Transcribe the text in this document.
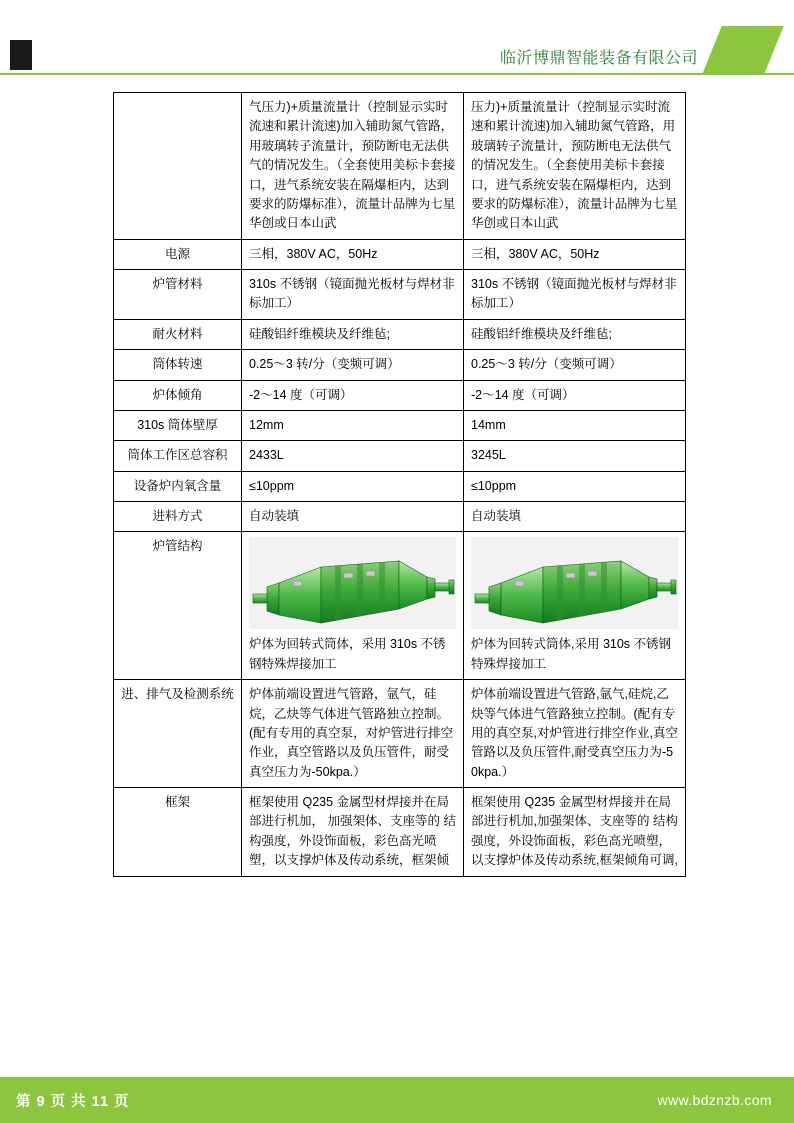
临沂博鼎智能装备有限公司
	气压力)+质量流量计（控制显示实时流速和累计流速)加入辅助氮气管路，用玻璃转子流量计，预防断电无法供气的情况发生。（全套使用美标卡套接口，进气系统安装在隔爆柜内，达到要求的防爆标准），流量计品牌为七星华创或日本山武	压力)+质量流量计（控制显示实时流速和累计流速)加入辅助氮气管路，用玻璃转子流量计，预防断电无法供气的情况发生。（全套使用美标卡套接口，进气系统安装在隔爆柜内，达到要求的防爆标准），流量计品牌为七星华创或日本山武
电源	三相，380V AC，50Hz	三相，380V AC，50Hz
炉管材料	310s 不锈钢（镜面抛光板材与焊材非标加工）	310s 不锈钢（镜面抛光板材与焊材非标加工）
耐火材料	硅酸铝纤维模块及纤维毡;	硅酸铝纤维模块及纤维毡;
筒体转速	0.25～3 转/分（变频可调）	0.25～3 转/分（变频可调）
炉体倾角	-2～14 度（可调）	-2～14 度（可调）
310s 筒体壁厚	12mm	14mm
筒体工作区总容积	2433L	3245L
设备炉内氧含量	≤10ppm	≤10ppm
进料方式	自动装填	自动装填
炉管结构	炉体为回转式筒体，采用 310s 不锈钢特殊焊接加工	炉体为回转式筒体,采用 310s 不锈钢特殊焊接加工

进、排气及检测系统	炉体前端设置进气管路，氩气，硅烷，乙炔等气体进气管路独立控制。(配有专用的真空泵，对炉管进行排空作业，真空管路以及负压管件，耐受真空压力为-50kpa.）	炉体前端设置进气管路,氩气,硅烷,乙炔等气体进气管路独立控制。(配有专用的真空泵,对炉管进行排空作业,真空管路以及负压管件,耐受真空压力为-50kpa.）
框架	框架使用 Q235 金属型材焊接并在局部进行机加， 加强架体、支座等的 结构强度，外设饰面板，彩色高光喷塑，以支撑炉体及传动系统，框架倾	框架使用 Q235 金属型材焊接并在局部进行机加,加强架体、支座等的 结构强度，外设饰面板，彩色高光喷塑，以支撑炉体及传动系统,框架倾角可调,
第 9 页 共 11 页	www.bdznzb.com
